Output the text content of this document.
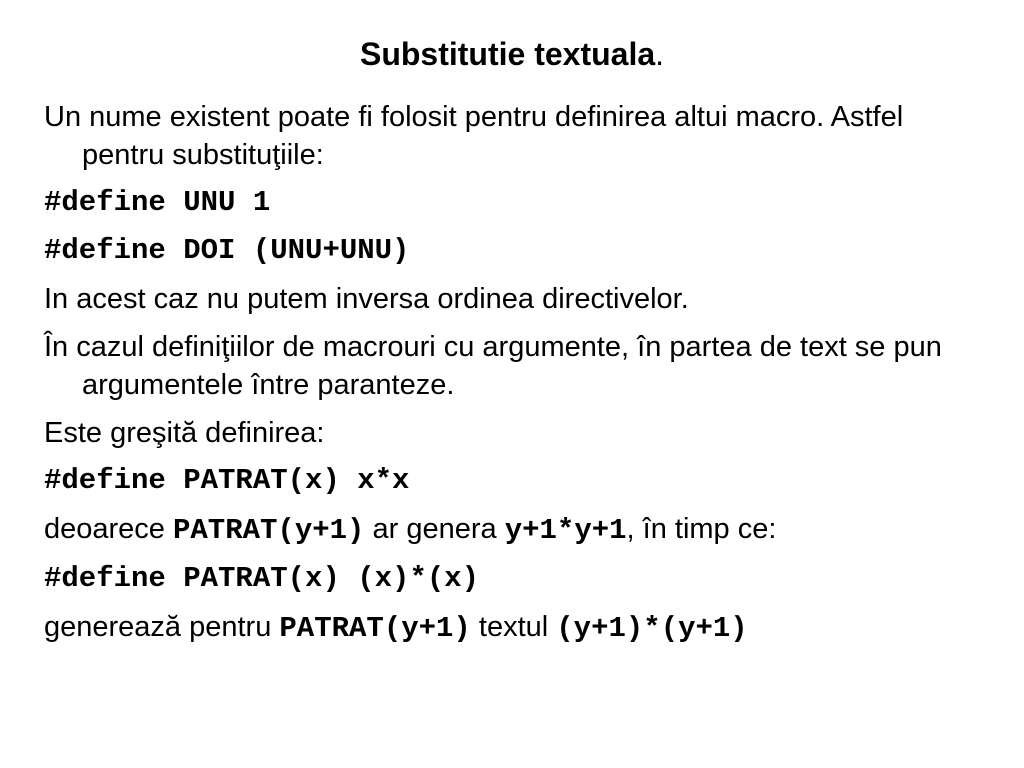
Substitutie textuala.

Un nume existent poate fi folosit pentru definirea altui macro. Astfel pentru substituţiile:

#define UNU 1
#define DOI (UNU+UNU)

In acest caz nu putem inversa ordinea directivelor.

În cazul definiţiilor de macrouri cu argumente, în partea de text se pun argumentele între paranteze.

Este greşită definirea:

#define PATRAT(x) x*x

deoarece PATRAT(y+1) ar genera y+1*y+1, în timp ce:

#define PATRAT(x) (x)*(x)

generează pentru PATRAT(y+1) textul (y+1)*(y+1)
